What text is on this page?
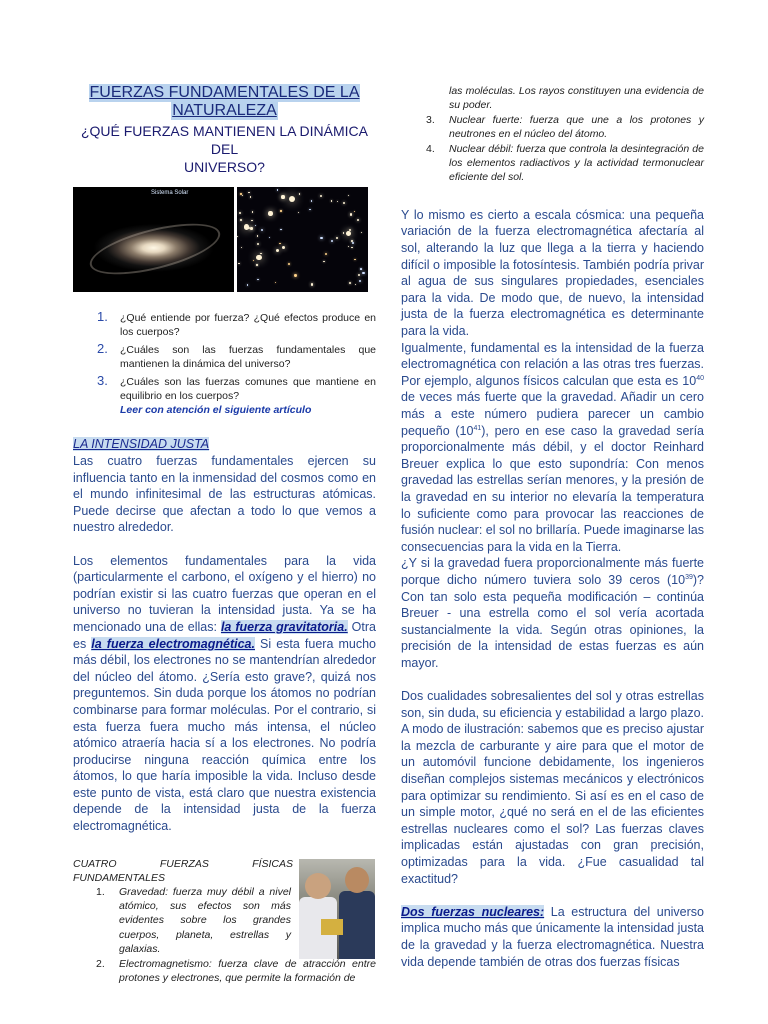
FUERZAS FUNDAMENTALES DE LA
NATURALEZA
¿QUÉ FUERZAS MANTIENEN LA DINÁMICA DEL
UNIVERSO?
Sistema Solar
1. ¿Qué entiende por fuerza? ¿Qué efectos produce en los cuerpos?
2. ¿Cuáles son las fuerzas fundamentales que mantienen la dinámica del universo?
3. ¿Cuáles son las fuerzas comunes que mantiene en equilibrio en los cuerpos?
Leer con atención el siguiente artículo
LA INTENSIDAD JUSTA

Las cuatro fuerzas fundamentales ejercen su influencia tanto en la inmensidad del cosmos como en el mundo infinitesimal de las estructuras atómicas. Puede decirse que afectan a todo lo que vemos a nuestro alrededor.

Los elementos fundamentales para la vida (particularmente el carbono, el oxígeno y el hierro) no podrían existir si las cuatro fuerzas que operan en el universo no tuvieran la intensidad justa. Ya se ha mencionado una de ellas: la fuerza gravitatoria. Otra es la fuerza electromagnética. Si esta fuera mucho más débil, los electrones no se mantendrían alrededor del núcleo del átomo. ¿Sería esto grave?, quizá nos preguntemos. Sin duda porque los átomos no podrían combinarse para formar moléculas. Por el contrario, si esta fuerza fuera mucho más intensa, el núcleo atómico atraería hacia sí a los electrones. No podría producirse ninguna reacción química entre los átomos, lo que haría imposible la vida. Incluso desde este punto de vista, está claro que nuestra existencia depende de la intensidad justa de la fuerza electromagnética.

CUATRO	FUERZAS	FÍSICAS
FUNDAMENTALES
1. Gravedad: fuerza muy débil a nivel atómico, sus efectos son más evidentes sobre los grandes cuerpos, planeta, estrellas y galaxias.
2. Electromagnetismo: fuerza clave de atracción entre protones y electrones, que permite la formación de
las moléculas. Los rayos constituyen una evidencia de su poder.
3. Nuclear fuerte: fuerza que une a los protones y neutrones en el núcleo del átomo.
4. Nuclear débil: fuerza que controla la desintegración de los elementos radiactivos y la actividad termonuclear eficiente del sol.

Y lo mismo es cierto a escala cósmica: una pequeña variación de la fuerza electromagnética afectaría al sol, alterando la luz que llega a la tierra y haciendo difícil o imposible la fotosíntesis. También podría privar al agua de sus singulares propiedades, esenciales para la vida. De modo que, de nuevo, la intensidad justa de la fuerza electromagnética es determinante para la vida.

Igualmente, fundamental es la intensidad de la fuerza electromagnética con relación a las otras tres fuerzas. Por ejemplo, algunos físicos calculan que esta es $10^{40}$ de veces más fuerte que la gravedad. Añadir un cero más a este número pudiera parecer un cambio pequeño $(10^{41})$, pero en ese caso la gravedad sería proporcionalmente más débil, y el doctor Reinhard Breuer explica lo que esto supondría: Con menos gravedad las estrellas serían menores, y la presión de la gravedad en su interior no elevaría la temperatura lo suficiente como para provocar las reacciones de fusión nuclear: el sol no brillaría. Puede imaginarse las consecuencias para la vida en la Tierra.

¿Y si la gravedad fuera proporcionalmente más fuerte porque dicho número tuviera solo 39 ceros $(10^{39})$? Con tan solo esta pequeña modificación – continúa Breuer - una estrella como el sol vería acortada sustancialmente la vida. Según otras opiniones, la precisión de la intensidad de estas fuerzas es aún mayor.

Dos cualidades sobresalientes del sol y otras estrellas son, sin duda, su eficiencia y estabilidad a largo plazo. A modo de ilustración: sabemos que es preciso ajustar la mezcla de carburante y aire para que el motor de un automóvil funcione debidamente, los ingenieros diseñan complejos sistemas mecánicos y electrónicos para optimizar su rendimiento. Si así es en el caso de un simple motor, ¿qué no será en el de las eficientes estrellas nucleares como el sol? Las fuerzas claves implicadas están ajustadas con gran precisión, optimizadas para la vida. ¿Fue casualidad tal exactitud?

Dos fuerzas nucleares: La estructura del universo implica mucho más que únicamente la intensidad justa de la gravedad y la fuerza electromagnética. Nuestra vida depende también de otras dos fuerzas físicas
